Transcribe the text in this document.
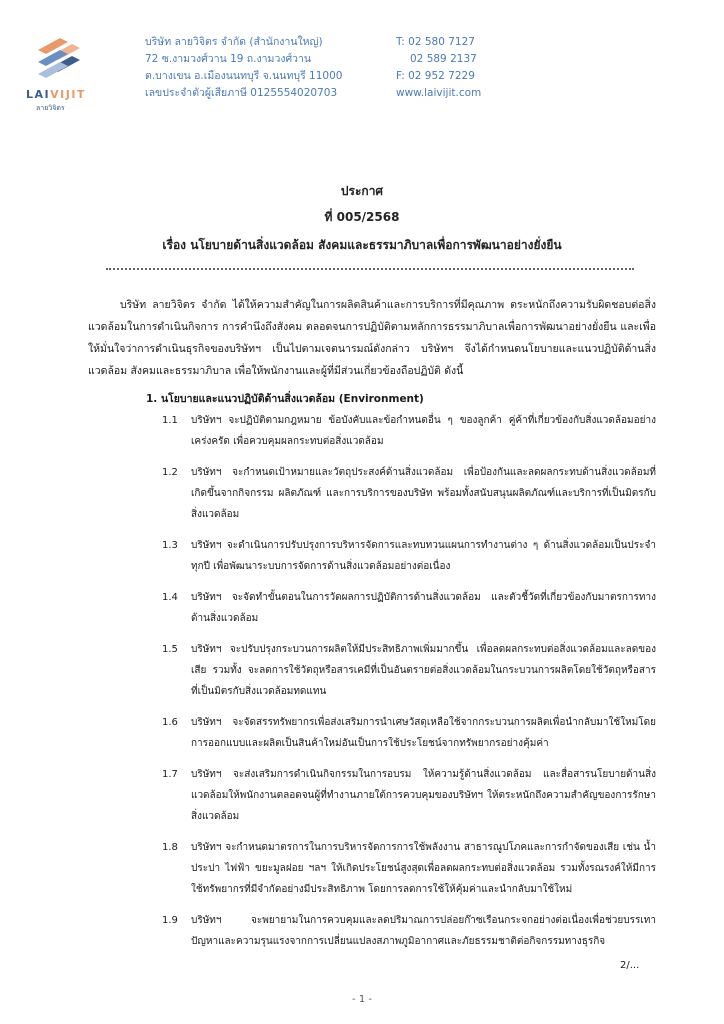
LAIVIJIT
ลายวิจิตร
บริษัท ลายวิจิตร จำกัด (สำนักงานใหญ่)
72 ซ.งามวงศ์วาน 19 ถ.งามวงศ์วาน
ต.บางเขน อ.เมืองนนทบุรี จ.นนทบุรี 11000
เลขประจำตัวผู้เสียภาษี 0125554020703
T: 02 580 7127
02 589 2137
F: 02 952 7229
www.laivijit.com
ประกาศ
ที่ 005/2568
เรื่อง นโยบายด้านสิ่งแวดล้อม สังคมและธรรมาภิบาลเพื่อการพัฒนาอย่างยั่งยืน

บริษัท ลายวิจิตร จำกัด ได้ให้ความสำคัญในการผลิตสินค้าและการบริการที่มีคุณภาพ ตระหนักถึงความรับผิดชอบต่อสิ่งแวดล้อมในการดำเนินกิจการ การคำนึงถึงสังคม ตลอดจนการปฏิบัติตามหลักการธรรมาภิบาลเพื่อการพัฒนาอย่างยั่งยืน และเพื่อให้มั่นใจว่าการดำเนินธุรกิจของบริษัทฯ เป็นไปตามเจตนารมณ์ดังกล่าว บริษัทฯ จึงได้กำหนดนโยบายและแนวปฏิบัติด้านสิ่งแวดล้อม สังคมและธรรมาภิบาล เพื่อให้พนักงานและผู้ที่มีส่วนเกี่ยวข้องถือปฏิบัติ ดังนี้

1. นโยบายและแนวปฏิบัติด้านสิ่งแวดล้อม (Environment)
1.1	บริษัทฯ จะปฏิบัติตามกฎหมาย ข้อบังคับและข้อกำหนดอื่น ๆ ของลูกค้า คู่ค้าที่เกี่ยวข้องกับสิ่งแวดล้อมอย่างเคร่งครัด เพื่อควบคุมผลกระทบต่อสิ่งแวดล้อม
1.2	บริษัทฯ จะกำหนดเป้าหมายและวัตถุประสงค์ด้านสิ่งแวดล้อม เพื่อป้องกันและลดผลกระทบด้านสิ่งแวดล้อมที่เกิดขึ้นจากกิจกรรม ผลิตภัณฑ์ และการบริการของบริษัท พร้อมทั้งสนับสนุนผลิตภัณฑ์และบริการที่เป็นมิตรกับสิ่งแวดล้อม
1.3	บริษัทฯ จะดำเนินการปรับปรุงการบริหารจัดการและทบทวนแผนการทำงานต่าง ๆ ด้านสิ่งแวดล้อมเป็นประจำทุกปี เพื่อพัฒนาระบบการจัดการด้านสิ่งแวดล้อมอย่างต่อเนื่อง
1.4	บริษัทฯ จะจัดทำขั้นตอนในการวัดผลการปฏิบัติการด้านสิ่งแวดล้อม และตัวชี้วัดที่เกี่ยวข้องกับมาตรการทางด้านสิ่งแวดล้อม
1.5	บริษัทฯ จะปรับปรุงกระบวนการผลิตให้มีประสิทธิภาพเพิ่มมากขึ้น เพื่อลดผลกระทบต่อสิ่งแวดล้อมและลดของเสีย รวมทั้ง จะลดการใช้วัตถุหรือสารเคมีที่เป็นอันตรายต่อสิ่งแวดล้อมในกระบวนการผลิตโดยใช้วัตถุหรือสารที่เป็นมิตรกับสิ่งแวดล้อมทดแทน
1.6	บริษัทฯ จะจัดสรรทรัพยากรเพื่อส่งเสริมการนำเศษวัสดุเหลือใช้จากกระบวนการผลิตเพื่อนำกลับมาใช้ใหม่โดยการออกแบบและผลิตเป็นสินค้าใหม่อันเป็นการใช้ประโยชน์จากทรัพยากรอย่างคุ้มค่า
1.7	บริษัทฯ จะส่งเสริมการดำเนินกิจกรรมในการอบรม ให้ความรู้ด้านสิ่งแวดล้อม และสื่อสารนโยบายด้านสิ่งแวดล้อมให้พนักงานตลอดจนผู้ที่ทำงานภายใต้การควบคุมของบริษัทฯ ให้ตระหนักถึงความสำคัญของการรักษาสิ่งแวดล้อม
1.8	บริษัทฯ จะกำหนดมาตรการในการบริหารจัดการการใช้พลังงาน สาธารณูปโภคและการกำจัดของเสีย เช่น น้ำประปา ไฟฟ้า ขยะมูลฝอย ฯลฯ ให้เกิดประโยชน์สูงสุดเพื่อลดผลกระทบต่อสิ่งแวดล้อม รวมทั้งรณรงค์ให้มีการใช้ทรัพยากรที่มีจำกัดอย่างมีประสิทธิภาพ โดยการลดการใช้ให้คุ้มค่าและนำกลับมาใช้ใหม่
1.9	บริษัทฯ จะพยายามในการควบคุมและลดปริมาณการปล่อยก๊าซเรือนกระจกอย่างต่อเนื่องเพื่อช่วยบรรเทาปัญหาและความรุนแรงจากการเปลี่ยนแปลงสภาพภูมิอากาศและภัยธรรมชาติต่อกิจกรรมทางธุรกิจ
2/...
- 1 -
